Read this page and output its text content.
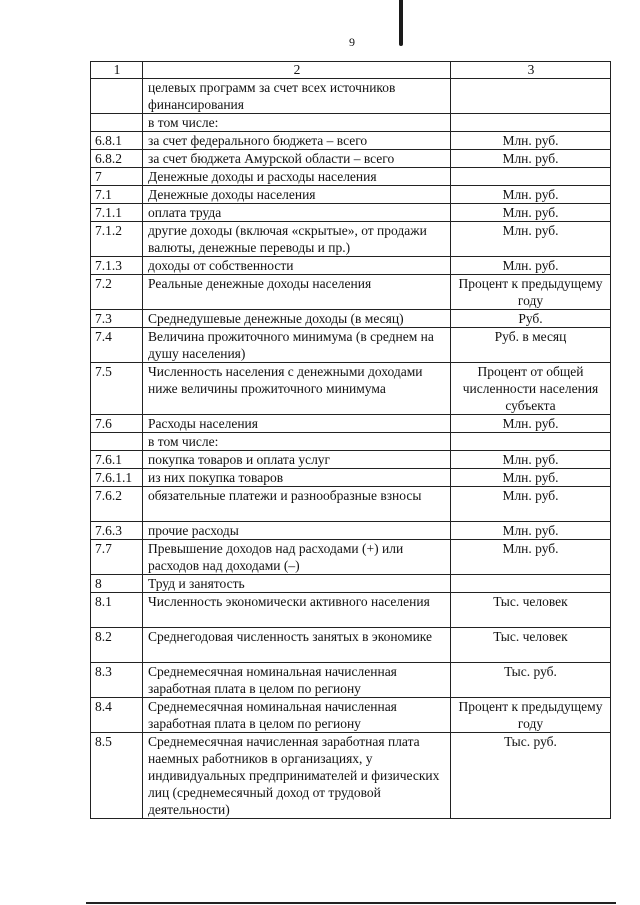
9
1	2	3
	целевых программ за счет всех источников финансирования	
	в том числе:	
6.8.1	за счет федерального бюджета – всего	Млн. руб.
6.8.2	за счет бюджета Амурской области – всего	Млн. руб.
7	Денежные доходы и расходы населения	
7.1	Денежные доходы населения	Млн. руб.
7.1.1	оплата труда	Млн. руб.
7.1.2	другие доходы (включая «скрытые», от продажи валюты, денежные переводы и пр.)	Млн. руб.
7.1.3	доходы от собственности	Млн. руб.
7.2	Реальные денежные доходы населения	Процент к предыдущему году
7.3	Среднедушевые денежные доходы (в месяц)	Руб.
7.4	Величина прожиточного минимума (в среднем на душу населения)	Руб. в месяц
7.5	Численность населения с денежными доходами ниже величины прожиточного минимума	Процент от общей численности населения субъекта
7.6	Расходы населения	Млн. руб.
	в том числе:	
7.6.1	покупка товаров и оплата услуг	Млн. руб.
7.6.1.1	из них покупка товаров	Млн. руб.
7.6.2	обязательные платежи и разнообразные взносы	Млн. руб.
7.6.3	прочие расходы	Млн. руб.
7.7	Превышение доходов над расходами (+) или расходов над доходами (–)	Млн. руб.
8	Труд и занятость	
8.1	Численность экономически активного населения	Тыс. человек
8.2	Среднегодовая численность занятых в экономике	Тыс. человек
8.3	Среднемесячная номинальная начисленная заработная плата в целом по региону	Тыс. руб.
8.4	Среднемесячная номинальная начисленная заработная плата в целом по региону	Процент к предыдущему году
8.5	Среднемесячная начисленная заработная плата наемных работников в организациях, у индивидуальных предпринимателей и физических лиц (среднемесячный доход от трудовой деятельности)	Тыс. руб.
